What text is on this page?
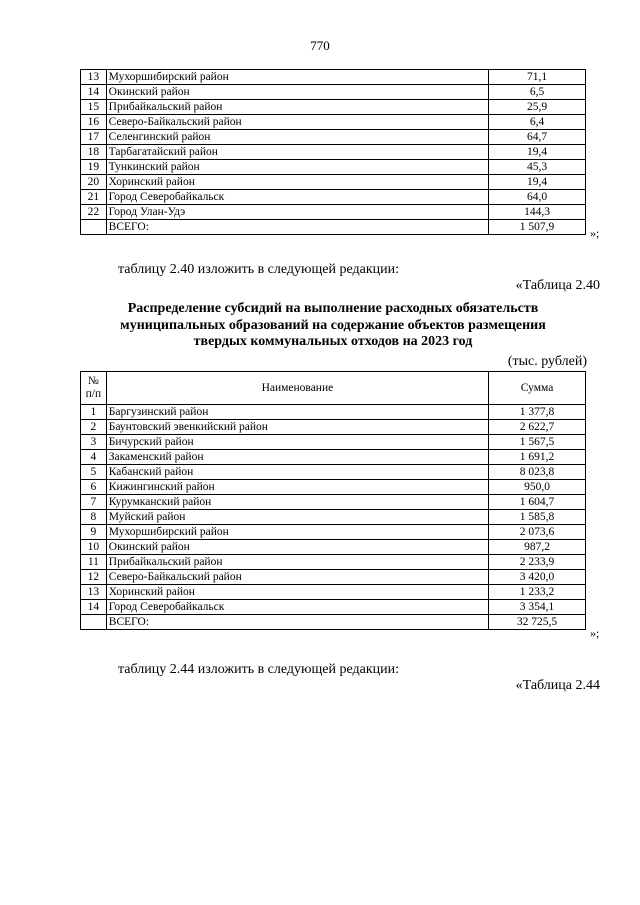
770
13	Мухоршибирский район	71,1
14	Окинский район	6,5
15	Прибайкальский район	25,9
16	Северо-Байкальский район	6,4
17	Селенгинский район	64,7
18	Тарбагатайский район	19,4
19	Тункинский район	45,3
20	Хоринский район	19,4
21	Город Северобайкальск	64,0
22	Город Улан-Удэ	144,3
	ВСЕГО:	1 507,9	»;
таблицу 2.40 изложить в следующей редакции:
«Таблица 2.40
Распределение субсидий на выполнение расходных обязательств
муниципальных образований на содержание объектов размещения
твердых коммунальных отходов на 2023 год
(тыс. рублей)
№
п/п	Наименование	Сумма
1	Баргузинский район	1 377,8
2	Баунтовский эвенкийский район	2 622,7
3	Бичурский район	1 567,5
4	Закаменский район	1 691,2
5	Кабанский район	8 023,8
6	Кижингинский район	950,0
7	Курумканский район	1 604,7
8	Муйский район	1 585,8
9	Мухоршибирский район	2 073,6
10	Окинский район	987,2
11	Прибайкальский район	2 233,9
12	Северо-Байкальский район	3 420,0
13	Хоринский район	1 233,2
14	Город Северобайкальск	3 354,1
	ВСЕГО:	32 725,5
»;
таблицу 2.44 изложить в следующей редакции:
«Таблица 2.44
